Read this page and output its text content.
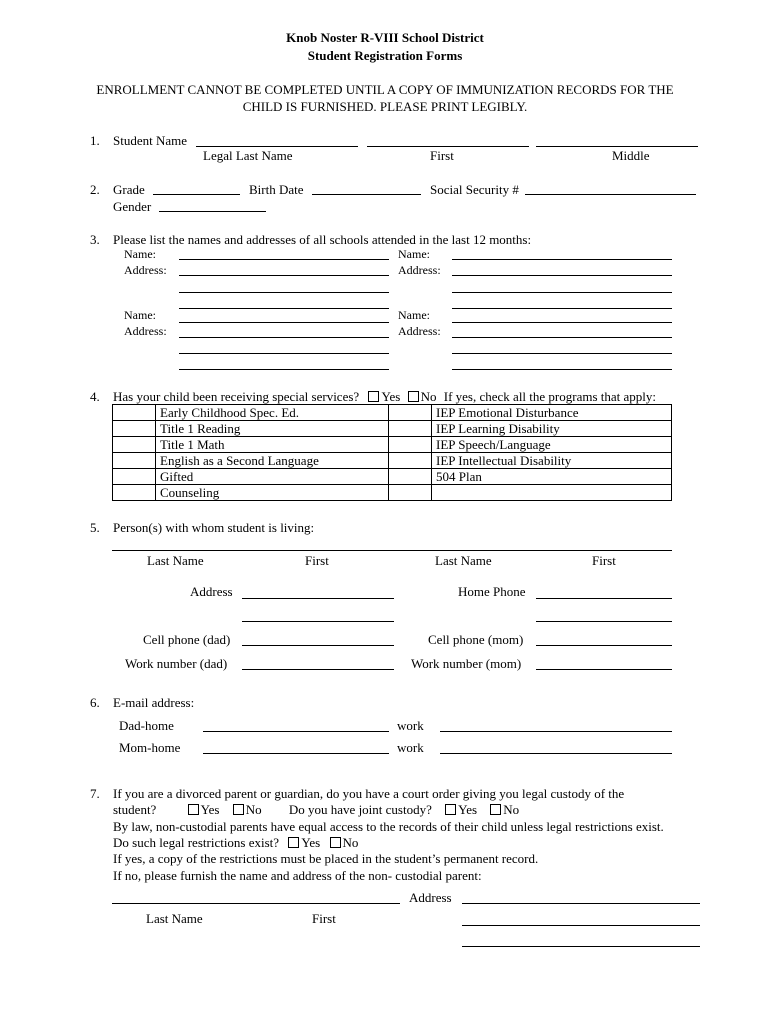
Knob Noster R-VIII School District
Student Registration Forms
ENROLLMENT CANNOT BE COMPLETED UNTIL A COPY OF IMMUNIZATION RECORDS FOR THE
CHILD IS FURNISHED. PLEASE PRINT LEGIBLY.
1. Student Name
Legal Last Name	First	Middle
2. Grade	Birth Date	Social Security #
Gender
3. Please list the names and addresses of all schools attended in the last 12 months:
Name:
Address:
Name:
Address:
Name:
Address:
Name:
Address:
4. Has your child been receiving special services? Yes No If yes, check all the programs that apply:
	Early Childhood Spec. Ed.		IEP Emotional Disturbance
	Title 1 Reading		IEP Learning Disability
	Title 1 Math		IEP Speech/Language
	English as a Second Language		IEP Intellectual Disability
	Gifted		504 Plan
	Counseling		
5. Person(s) with whom student is living:
Last Name	First	Last Name	First
Address	Home Phone
Cell phone (dad)	Cell phone (mom)
Work number (dad)	Work number (mom)
6. E-mail address:
Dad-home	work
Mom-home	work
7. If you are a divorced parent or guardian, do you have a court order giving you legal custody of the
student?	Yes No Do you have joint custody? Yes No
By law, non-custodial parents have equal access to the records of their child unless legal restrictions exist.
Do such legal restrictions exist? Yes No
If yes, a copy of the restrictions must be placed in the student’s permanent record.
If no, please furnish the name and address of the non- custodial parent:
Address
Last Name	First
